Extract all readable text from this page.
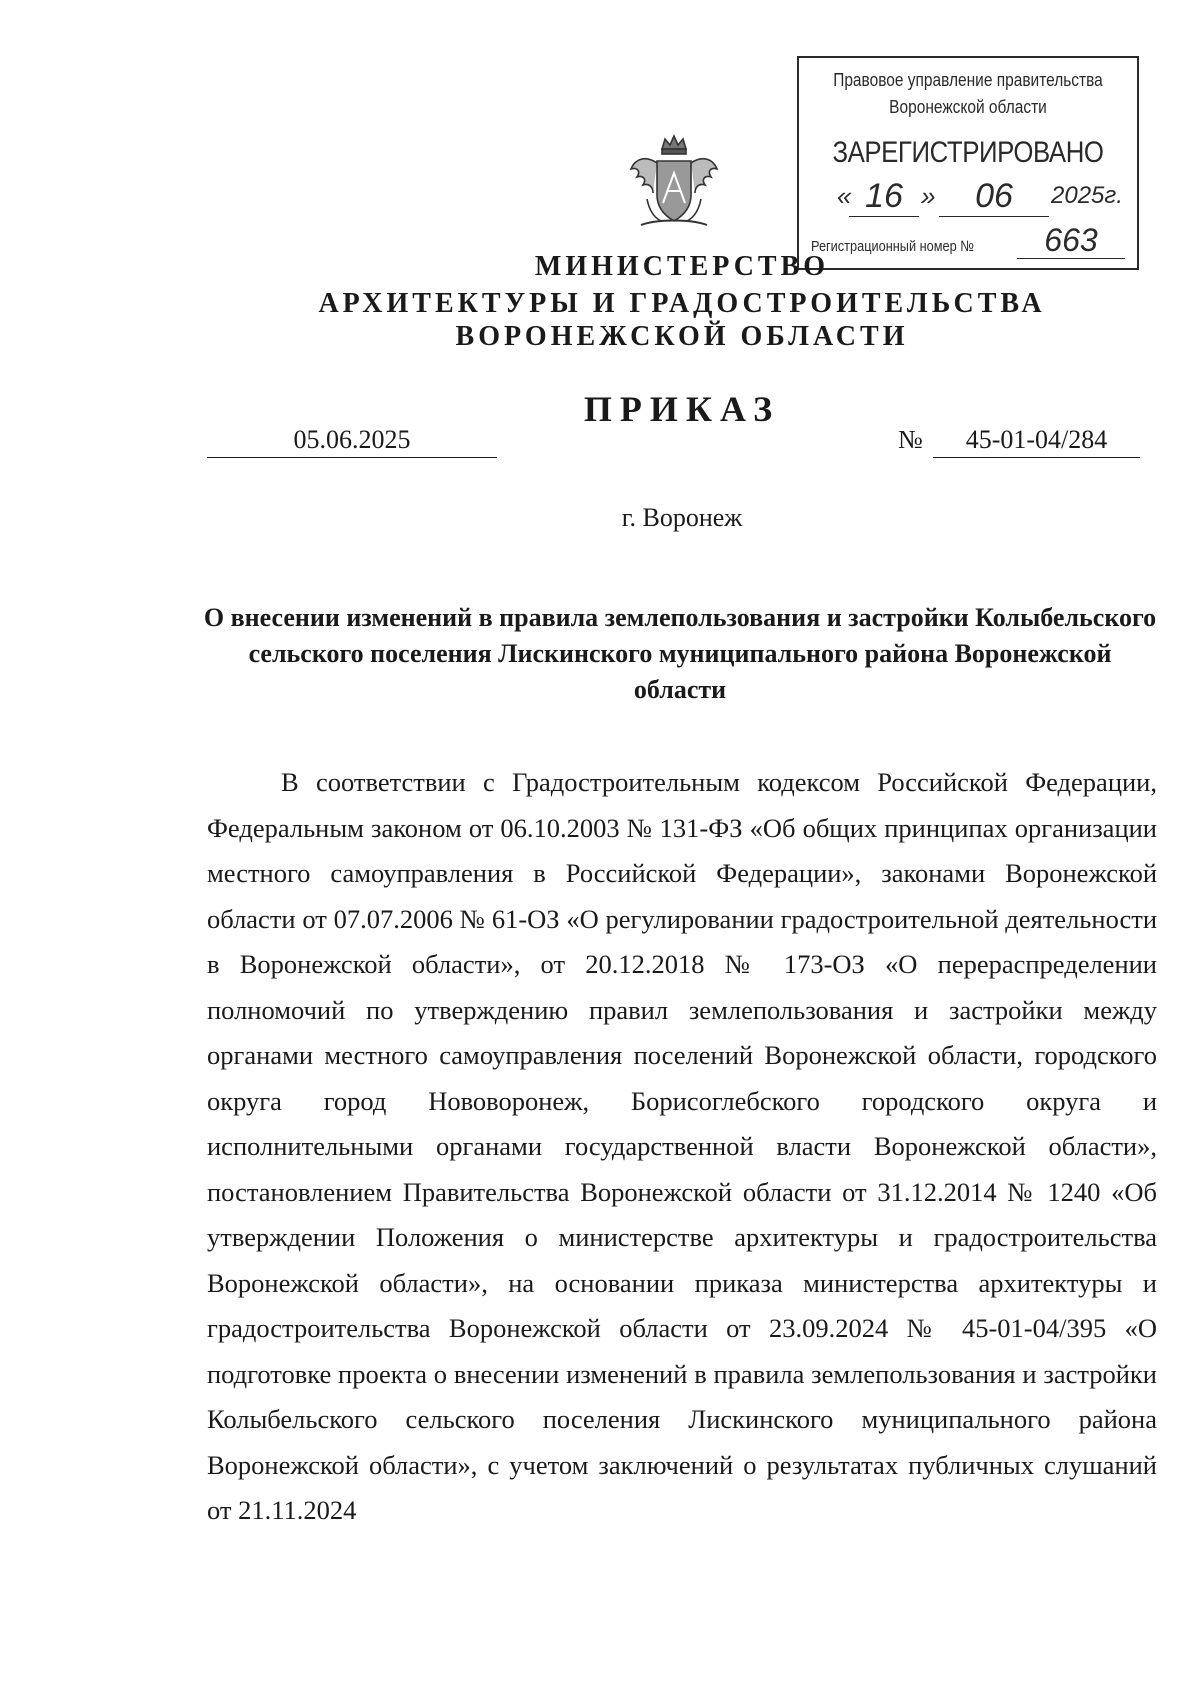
Правовое управление правительства
Воронежской области
ЗАРЕГИСТРИРОВАНО
« 16 »	06	2025г.
Регистрационный номер №	663
МИНИСТЕРСТВО
АРХИТЕКТУРЫ И ГРАДОСТРОИТЕЛЬСТВА
ВОРОНЕЖСКОЙ ОБЛАСТИ
ПРИКАЗ
05.06.2025	№	45-01-04/284
г. Воронеж
О внесении изменений в правила землепользования и застройки Колыбельского сельского поселения Лискинского муниципального района Воронежской области
В соответствии с Градостроительным кодексом Российской Федерации, Федеральным законом от 06.10.2003 № 131-ФЗ «Об общих принципах организации местного самоуправления в Российской Федерации», законами Воронежской области от 07.07.2006 № 61-ОЗ «О регулировании градостроительной деятельности в Воронежской области», от 20.12.2018 № 173-ОЗ «О перераспределении полномочий по утверждению правил землепользования и застройки между органами местного самоуправления поселений Воронежской области, городского округа город Нововоронеж, Борисоглебского городского округа и исполнительными органами государственной власти Воронежской области», постановлением Правительства Воронежской области от 31.12.2014 № 1240 «Об утверждении Положения о министерстве архитектуры и градостроительства Воронежской области», на основании приказа министерства архитектуры и градостроительства Воронежской области от 23.09.2024 № 45-01-04/395 «О подготовке проекта о внесении изменений в правила землепользования и застройки Колыбельского сельского поселения Лискинского муниципального района Воронежской области», с учетом заключений о результатах публичных слушаний от 21.11.2024
